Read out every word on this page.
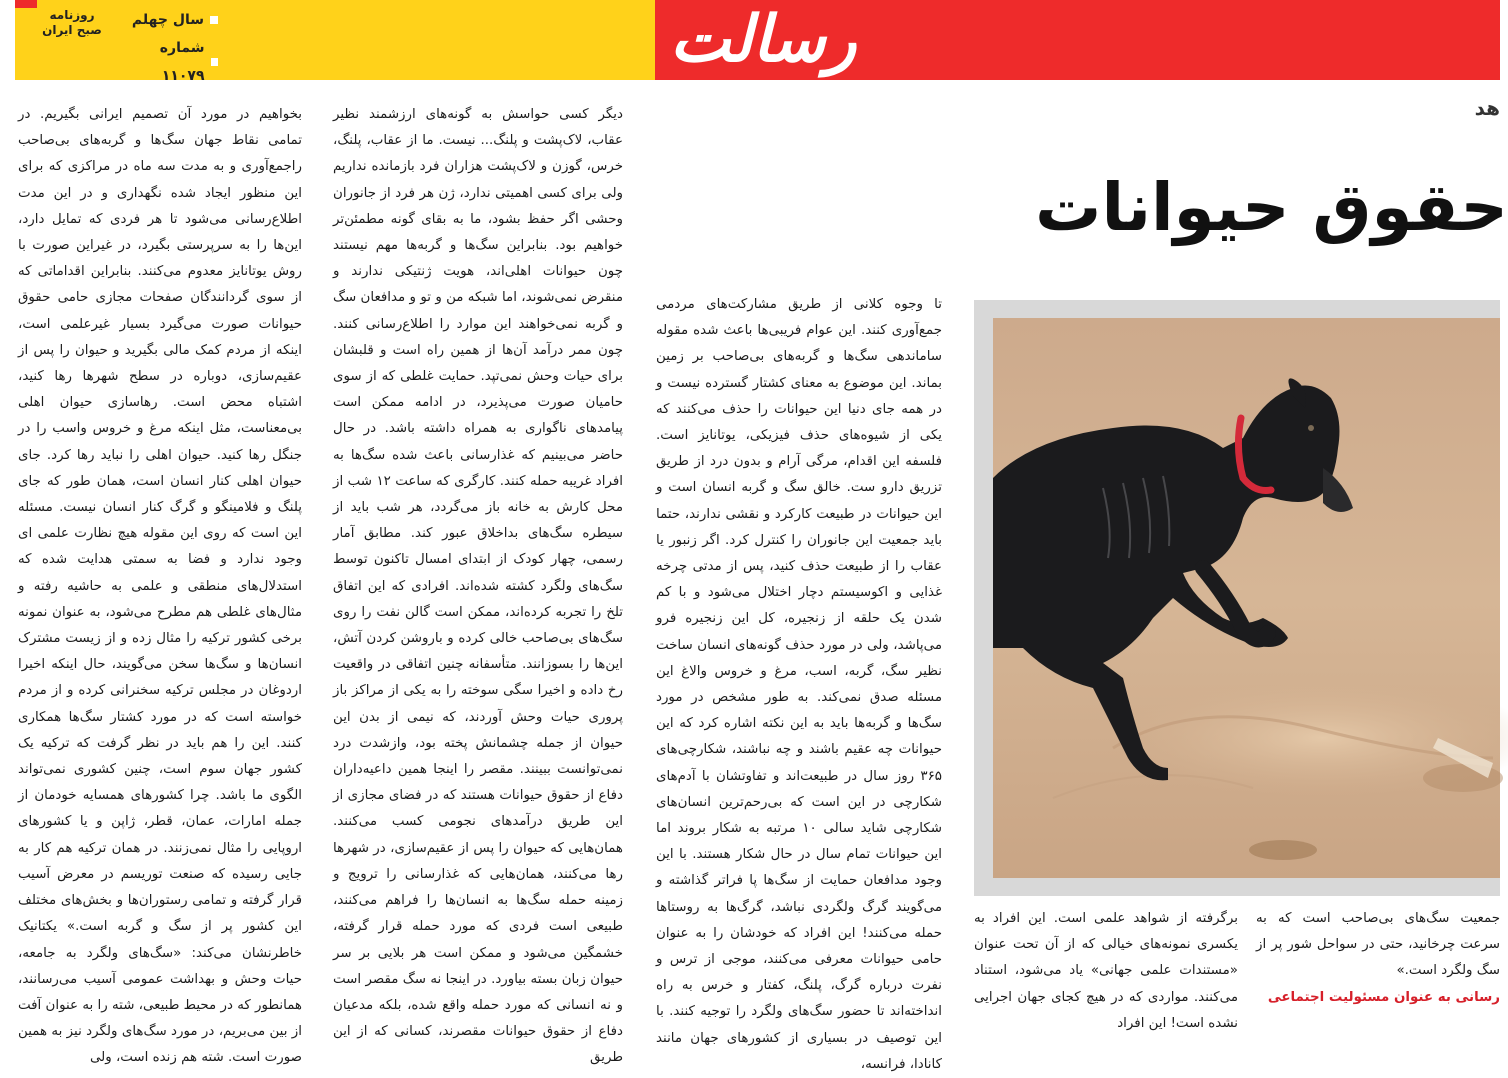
رسالت
سال چهلم
شماره ۱۱۰۷۹
روزنامه صبح ایران
هد
حقوق حیوانات
بخواهیم در مورد آن تصمیم ایرانی بگیریم. در تمامی نقاط جهان سگ‌ها و گربه‌های بی‌صاحب راجمع‌آوری و به مدت سه ماه در مراکزی که برای این منظور ایجاد شده نگهداری و در این مدت اطلاع‌رسانی می‌شود تا هر فردی که تمایل دارد، این‌ها را به سرپرستی بگیرد، در غیراین صورت با روش یوتانایز معدوم می‌کنند. بنابراین اقداماتی که از سوی گردانندگان صفحات مجازی حامی حقوق حیوانات صورت می‌گیرد بسیار غیرعلمی است، اینکه از مردم کمک مالی بگیرید و حیوان را پس از عقیم‌سازی، دوباره در سطح شهرها رها کنید، اشتباه محض است. رهاسازی حیوان اهلی بی‌معناست، مثل اینکه مرغ و خروس واسب را در جنگل رها کنید. حیوان اهلی را نباید رها کرد. جای حیوان اهلی کنار انسان است، همان طور که جای پلنگ و فلامینگو و گرگ کنار انسان نیست. مسئله این است که روی این مقوله هیچ نظارت علمی ای وجود ندارد و فضا به سمتی هدایت شده که استدلال‌های منطقی و علمی به حاشیه رفته و مثال‌های غلطی هم مطرح می‌شود، به عنوان نمونه برخی کشور ترکیه را مثال زده و از زیست مشترک انسان‌ها و سگ‌ها سخن می‌گویند، حال اینکه اخیرا اردوغان در مجلس ترکیه سخنرانی کرده و از مردم خواسته است که در مورد کشتار سگ‌ها همکاری کنند. این را هم باید در نظر گرفت که ترکیه یک کشور جهان سوم است، چنین کشوری نمی‌تواند الگوی ما باشد. چرا کشورهای همسایه خودمان از جمله امارات، عمان، قطر، ژاپن و یا کشورهای اروپایی را مثال نمی‌زنند. در همان ترکیه هم کار به جایی رسیده که صنعت توریسم در معرض آسیب قرار گرفته و تمامی رستوران‌ها و بخش‌های مختلف این کشور پر از سگ و گربه است.» یکتانیک خاطرنشان می‌کند: «سگ‌های ولگرد به جامعه، حیات وحش و بهداشت عمومی آسیب می‌رسانند، همانطور که در محیط طبیعی، شته را به عنوان آفت از بین می‌بریم، در مورد سگ‌های ولگرد نیز به همین صورت است. شته هم زنده است، ولی
دیگر کسی حواسش به گونه‌های ارزشمند نظیر عقاب، لاک‌پشت و پلنگ... نیست. ما از عقاب، پلنگ، خرس، گوزن و لاک‌پشت هزاران فرد بازمانده نداریم ولی برای کسی اهمیتی ندارد، ژن هر فرد از جانوران وحشی اگر حفظ بشود، ما به بقای گونه مطمئن‌تر خواهیم بود. بنابراین سگ‌ها و گربه‌ها مهم نیستند چون حیوانات اهلی‌اند، هویت ژنتیکی ندارند و منقرض نمی‌شوند، اما شبکه من و تو و مدافعان سگ و گربه نمی‌خواهند این موارد را اطلاع‌رسانی کنند. چون ممر درآمد آن‌ها از همین راه است و قلبشان برای حیات وحش نمی‌تپد. حمایت غلطی که از سوی حامیان صورت می‌پذیرد، در ادامه ممکن است پیامدهای ناگواری به همراه داشته باشد. در حال حاضر می‌بینیم که غذارسانی باعث شده سگ‌ها به افراد غریبه حمله کنند. کارگری که ساعت ۱۲ شب از محل کارش به خانه باز می‌گردد، هر شب باید از سیطره سگ‌های بداخلاق عبور کند. مطابق آمار رسمی، چهار کودک از ابتدای امسال تاکنون توسط سگ‌های ولگرد کشته شده‌اند. افرادی که این اتفاق تلخ را تجربه کرده‌اند، ممکن است گالن نفت را روی سگ‌های بی‌صاحب خالی کرده و باروشن کردن آتش، این‌ها را بسوزانند. متأسفانه چنین اتفاقی در واقعیت رخ داده و اخیرا سگی سوخته را به یکی از مراکز باز پروری حیات وحش آوردند، که نیمی از بدن این حیوان از جمله چشمانش پخته بود، وازشدت درد نمی‌توانست ببینند. مقصر را اینجا همین داعیه‌داران دفاع از حقوق حیوانات هستند که در فضای مجازی از این طریق درآمدهای نجومی کسب می‌کنند. همان‌هایی که حیوان را پس از عقیم‌سازی، در شهرها رها می‌کنند، همان‌هایی که غذارسانی را ترویج و زمینه حمله سگ‌ها به انسان‌ها را فراهم می‌کنند، طبیعی است فردی که مورد حمله قرار گرفته، خشمگین می‌شود و ممکن است هر بلایی بر سر حیوان زبان بسته بیاورد. در اینجا نه سگ مقصر است و نه انسانی که مورد حمله واقع شده، بلکه مدعیان دفاع از حقوق حیوانات مقصرند، کسانی که از این طریق
تا وجوه کلانی از طریق مشارکت‌های مردمی جمع‌آوری کنند. این عوام فریبی‌ها باعث شده مقوله ساماندهی سگ‌ها و گربه‌های بی‌صاحب بر زمین بماند. این موضوع به معنای کشتار گسترده نیست و در همه جای دنیا این حیوانات را حذف می‌کنند که یکی از شیوه‌های حذف فیزیکی، یوتانایز است. فلسفه این اقدام، مرگی آرام و بدون درد از طریق تزریق دارو ست. خالق سگ و گربه انسان است و این حیوانات در طبیعت کارکرد و نقشی ندارند، حتما باید جمعیت این جانوران را کنترل کرد. اگر زنبور یا عقاب را از طبیعت حذف کنید، پس از مدتی چرخه غذایی و اکوسیستم دچار اختلال می‌شود و با کم شدن یک حلقه از زنجیره، کل این زنجیره فرو می‌پاشد، ولی در مورد حذف گونه‌های انسان ساخت نظیر سگ، گربه، اسب، مرغ و خروس والاغ این مسئله صدق نمی‌کند. به طور مشخص در مورد سگ‌ها و گربه‌ها باید به این نکته اشاره کرد که این حیوانات چه عقیم باشند و چه نباشند، شکارچی‌های ۳۶۵ روز سال در طبیعت‌اند و تفاوتشان با آدم‌های شکارچی در این است که بی‌رحم‌ترین انسان‌های شکارچی شاید سالی ۱۰ مرتبه به شکار بروند اما این حیوانات تمام سال در حال شکار هستند. با این وجود مدافعان حمایت از سگ‌ها پا فراتر گذاشته و می‌گویند گرگ ولگردی نباشد، گرگ‌ها به روستاها حمله می‌کنند! این افراد که خودشان را به عنوان حامی حیوانات معرفی می‌کنند، موجی از ترس و نفرت درباره گرگ، پلنگ، کفتار و خرس به راه انداخته‌اند تا حضور سگ‌های ولگرد را توجیه کنند. با این توصیف در بسیاری از کشورهای جهان مانند کانادا، فرانسه،
برگرفته از شواهد علمی است. این افراد به یکسری نمونه‌های خیالی که از آن تحت عنوان «مستندات علمی جهانی» یاد می‌شود، استناد می‌کنند. مواردی که در هیچ کجای جهان اجرایی نشده است! این افراد
جمعیت سگ‌های بی‌صاحب است که به سرعت چرخانید، حتی در سواحل شور پر از سگ ولگرد است.»
رسانی به عنوان مسئولیت اجتماعی
